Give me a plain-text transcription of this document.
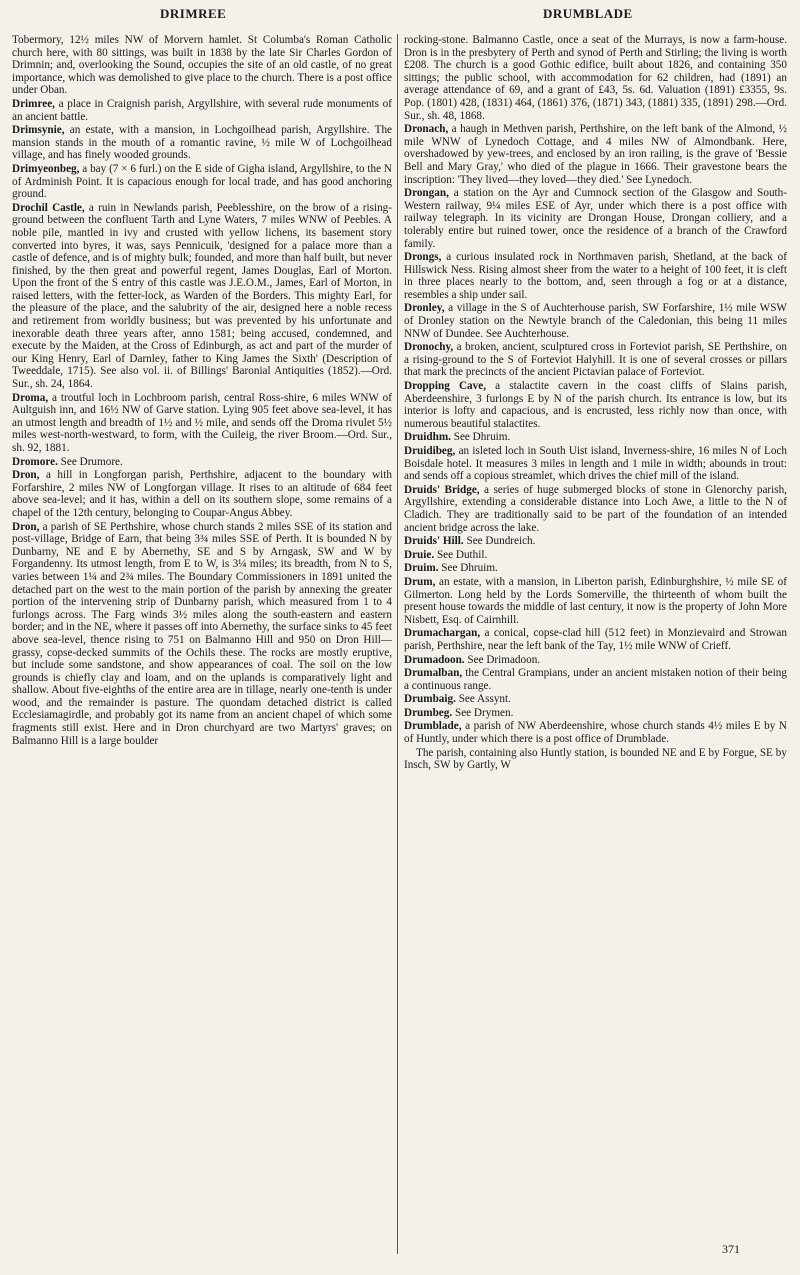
DRIMREE	DRUMBLADE

Tobermory, 12½ miles NW of Morvern hamlet. St Columba's Roman Catholic church here, with 80 sittings, was built in 1838 by the late Sir Charles Gordon of Drimnin; and, overlooking the Sound, occupies the site of an old castle, of no great importance, which was demolished to give place to the church. There is a post office under Oban.

Drimree, a place in Craignish parish, Argyllshire, with several rude monuments of an ancient battle.

Drimsynie, an estate, with a mansion, in Lochgoilhead parish, Argyllshire. The mansion stands in the mouth of a romantic ravine, ½ mile W of Lochgoilhead village, and has finely wooded grounds.

Drimyeonbeg, a bay (7 × 6 furl.) on the E side of Gigha island, Argyllshire, to the N of Ardminish Point. It is capacious enough for local trade, and has good anchoring ground.

Drochil Castle, a ruin in Newlands parish, Peeblesshire, on the brow of a rising-ground between the confluent Tarth and Lyne Waters, 7 miles WNW of Peebles. A noble pile, mantled in ivy and crusted with yellow lichens, its basement story converted into byres, it was, says Pennicuik, 'designed for a palace more than a castle of defence, and is of mighty bulk; founded, and more than half built, but never finished, by the then great and powerful regent, James Douglas, Earl of Morton. Upon the front of the S entry of this castle was J.E.O.M., James, Earl of Morton, in raised letters, with the fetter-lock, as Warden of the Borders. This mighty Earl, for the pleasure of the place, and the salubrity of the air, designed here a noble recess and retirement from worldly business; but was prevented by his unfortunate and inexorable death three years after, anno 1581; being accused, condemned, and execute by the Maiden, at the Cross of Edinburgh, as act and part of the murder of our King Henry, Earl of Darnley, father to King James the Sixth' (Description of Tweeddale, 1715). See also vol. ii. of Billings' Baronial Antiquities (1852).—Ord. Sur., sh. 24, 1864.

Droma, a troutful loch in Lochbroom parish, central Ross-shire, 6 miles WNW of Aultguish inn, and 16½ NW of Garve station. Lying 905 feet above sea-level, it has an utmost length and breadth of 1½ and ½ mile, and sends off the Droma rivulet 5½ miles west-north-westward, to form, with the Cuileig, the river Broom.—Ord. Sur., sh. 92, 1881.

Dromore. See Drumore.

Dron, a hill in Longforgan parish, Perthshire, adjacent to the boundary with Forfarshire, 2 miles NW of Longforgan village. It rises to an altitude of 684 feet above sea-level; and it has, within a dell on its southern slope, some remains of a chapel of the 12th century, belonging to Coupar-Angus Abbey.

Dron, a parish of SE Perthshire, whose church stands 2 miles SSE of its station and post-village, Bridge of Earn, that being 3¾ miles SSE of Perth. It is bounded N by Dunbarny, NE and E by Abernethy, SE and S by Arngask, SW and W by Forgandenny. Its utmost length, from E to W, is 3¼ miles; its breadth, from N to S, varies between 1¼ and 2¾ miles. The Boundary Commissioners in 1891 united the detached part on the west to the main portion of the parish by annexing the greater portion of the intervening strip of Dunbarny parish, which measured from 1 to 4 furlongs across. The Farg winds 3½ miles along the south-eastern and eastern border; and in the NE, where it passes off into Abernethy, the surface sinks to 45 feet above sea-level, thence rising to 751 on Balmanno Hill and 950 on Dron Hill—grassy, copse-decked summits of the Ochils these. The rocks are mostly eruptive, but include some sandstone, and show appearances of coal. The soil on the low grounds is chiefly clay and loam, and on the uplands is comparatively light and shallow. About five-eighths of the entire area are in tillage, nearly one-tenth is under wood, and the remainder is pasture. The quondam detached district is called Ecclesiamagirdle, and probably got its name from an ancient chapel of which some fragments still exist. Here and in Dron churchyard are two Martyrs' graves; on Balmanno Hill is a large boulder

rocking-stone. Balmanno Castle, once a seat of the Murrays, is now a farm-house. Dron is in the presbytery of Perth and synod of Perth and Stirling; the living is worth £208. The church is a good Gothic edifice, built about 1826, and containing 350 sittings; the public school, with accommodation for 62 children, had (1891) an average attendance of 69, and a grant of £43, 5s. 6d. Valuation (1891) £3355, 9s. Pop. (1801) 428, (1831) 464, (1861) 376, (1871) 343, (1881) 335, (1891) 298.—Ord. Sur., sh. 48, 1868.

Dronach, a haugh in Methven parish, Perthshire, on the left bank of the Almond, ½ mile WNW of Lynedoch Cottage, and 4 miles NW of Almondbank. Here, overshadowed by yew-trees, and enclosed by an iron railing, is the grave of 'Bessie Bell and Mary Gray,' who died of the plague in 1666. Their gravestone bears the inscription: 'They lived—they loved—they died.' See Lynedoch.

Drongan, a station on the Ayr and Cumnock section of the Glasgow and South-Western railway, 9¼ miles ESE of Ayr, under which there is a post office with railway telegraph. In its vicinity are Drongan House, Drongan colliery, and a tolerably entire but ruined tower, once the residence of a branch of the Crawford family.

Drongs, a curious insulated rock in Northmaven parish, Shetland, at the back of Hillswick Ness. Rising almost sheer from the water to a height of 100 feet, it is cleft in three places nearly to the bottom, and, seen through a fog or at a distance, resembles a ship under sail.

Dronley, a village in the S of Auchterhouse parish, SW Forfarshire, 1½ mile WSW of Dronley station on the Newtyle branch of the Caledonian, this being 11 miles NNW of Dundee. See Auchterhouse.

Dronochy, a broken, ancient, sculptured cross in Forteviot parish, SE Perthshire, on a rising-ground to the S of Forteviot Halyhill. It is one of several crosses or pillars that mark the precincts of the ancient Pictavian palace of Forteviot.

Dropping Cave, a stalactite cavern in the coast cliffs of Slains parish, Aberdeenshire, 3 furlongs E by N of the parish church. Its entrance is low, but its interior is lofty and capacious, and is encrusted, less richly now than once, with numerous beautiful stalactites.

Druidhm. See Dhruim.

Druidibeg, an isleted loch in South Uist island, Inverness-shire, 16 miles N of Loch Boisdale hotel. It measures 3 miles in length and 1 mile in width; abounds in trout: and sends off a copious streamlet, which drives the chief mill of the island.

Druids' Bridge, a series of huge submerged blocks of stone in Glenorchy parish, Argyllshire, extending a considerable distance into Loch Awe, a little to the N of Cladich. They are traditionally said to be part of the foundation of an intended ancient bridge across the lake.

Druids' Hill. See Dundreich.

Druie. See Duthil.

Druim. See Dhruim.

Drum, an estate, with a mansion, in Liberton parish, Edinburghshire, ½ mile SE of Gilmerton. Long held by the Lords Somerville, the thirteenth of whom built the present house towards the middle of last century, it now is the property of John More Nisbett, Esq. of Cairnhill.

Drumachargan, a conical, copse-clad hill (512 feet) in Monzievaird and Strowan parish, Perthshire, near the left bank of the Tay, 1½ mile WNW of Crieff.

Drumadoon. See Drimadoon.

Drumalban, the Central Grampians, under an ancient mistaken notion of their being a continuous range.

Drumbaig. See Assynt.

Drumbeg. See Drymen.

Drumblade, a parish of NW Aberdeenshire, whose church stands 4½ miles E by N of Huntly, under which there is a post office of Drumblade.

The parish, containing also Huntly station, is bounded NE and E by Forgue, SE by Insch, SW by Gartly, W

371
